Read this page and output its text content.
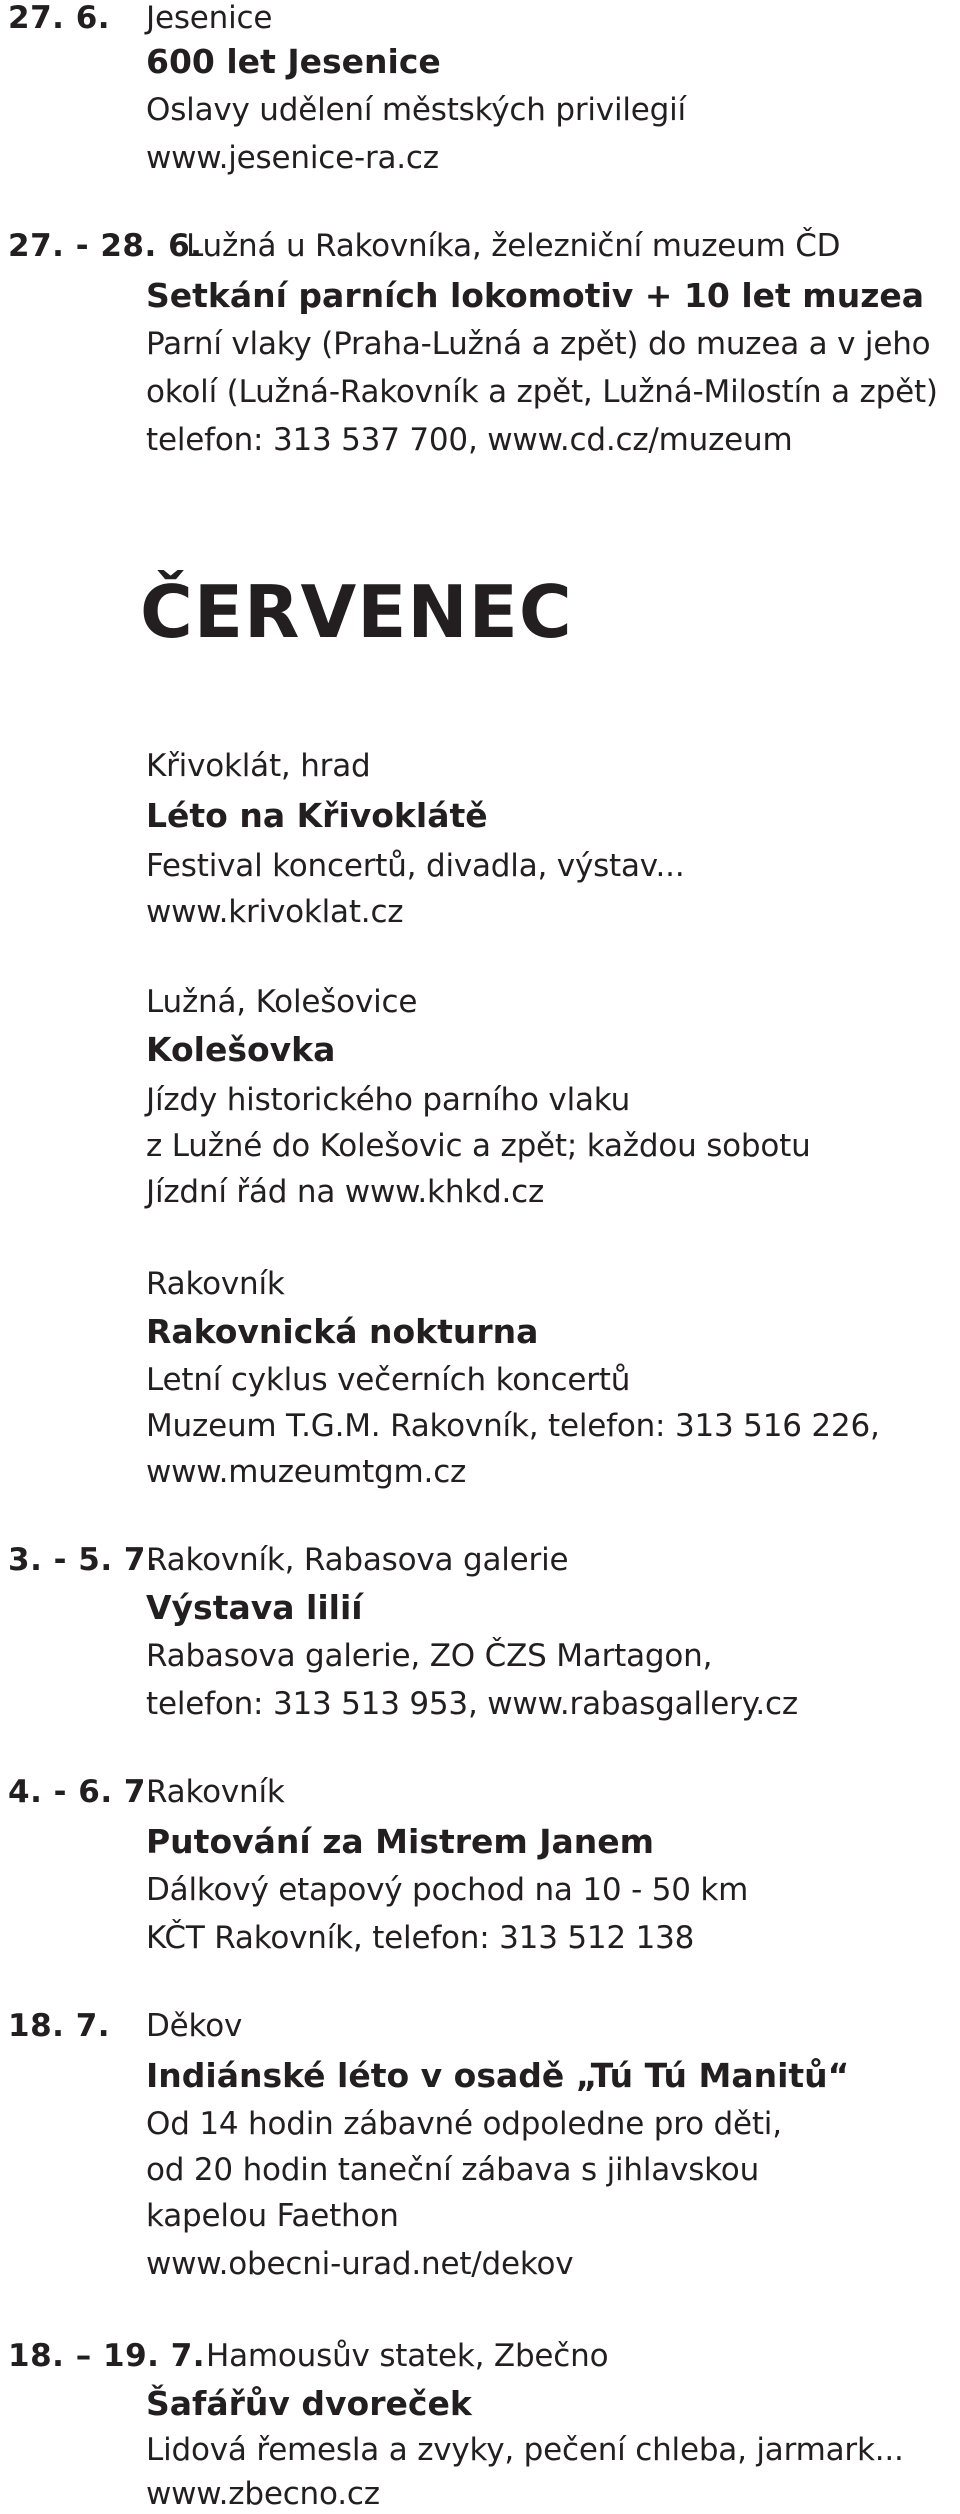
27. 6. Jesenice
600 let Jesenice
Oslavy udělení městských privilegií
www.jesenice-ra.cz
27. - 28. 6.
Lužná u Rakovníka, železniční muzeum ČD
Setkání parních lokomotiv + 10 let muzea
Parní vlaky (Praha-Lužná a zpět) do muzea a v jeho
okolí (Lužná-Rakovník a zpět, Lužná-Milostín a zpět)
telefon: 313 537 700, www.cd.cz/muzeum
ČERVENEC
Křivoklát, hrad
Léto na Křivoklátě
Festival koncertů, divadla, výstav...
www.krivoklat.cz
Lužná, Kolešovice
Kolešovka
Jízdy historického parního vlaku
z Lužné do Kolešovic a zpět; každou sobotu
Jízdní řád na www.khkd.cz
Rakovník
Rakovnická nokturna
Letní cyklus večerních koncertů
Muzeum T.G.M. Rakovník, telefon: 313 516 226,
www.muzeumtgm.cz
3. - 5. 7.
Rakovník, Rabasova galerie
Výstava lilií
Rabasova galerie, ZO ČZS Martagon,
telefon: 313 513 953, www.rabasgallery.cz
4. - 6. 7.
Rakovník
Putování za Mistrem Janem
Dálkový etapový pochod na 10 - 50 km
KČT Rakovník, telefon: 313 512 138
18. 7. Děkov
Indiánské léto v osadě „Tú Tú Manitů“
Od 14 hodin zábavné odpoledne pro děti,
od 20 hodin taneční zábava s jihlavskou
kapelou Faethon
www.obecni-urad.net/dekov
18. – 19. 7. Hamousův statek, Zbečno
Šafářův dvoreček
Lidová řemesla a zvyky, pečení chleba, jarmark...
www.zbecno.cz
